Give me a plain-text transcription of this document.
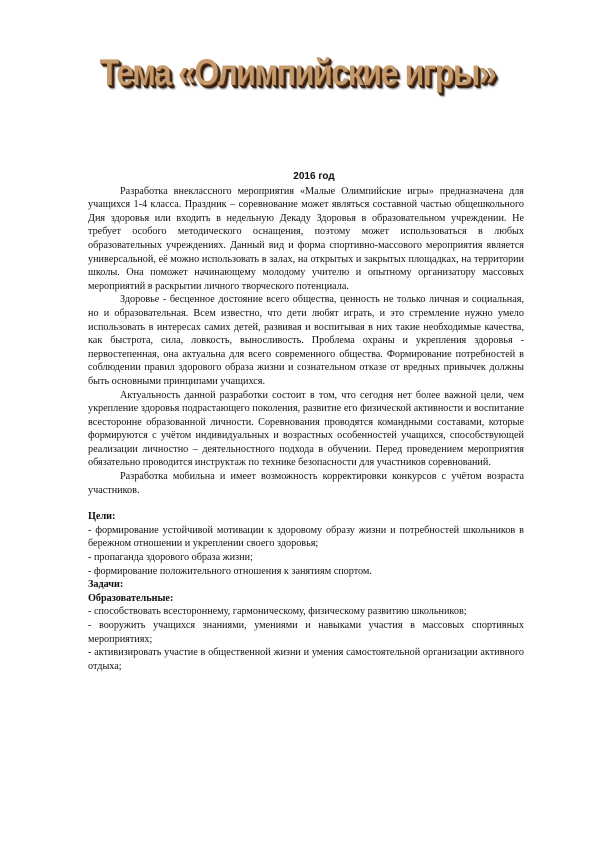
Тема «Олимпийские игры»
2016 год

Разработка внеклассного мероприятия «Малые Олимпийские игры» предназначена для учащихся 1-4 класса. Праздник – соревнование может являться составной частью общешкольного Дня здоровья или входить в недельную Декаду Здоровья в образовательном учреждении. Не требует особого методического оснащения, поэтому может использоваться в любых образовательных учреждениях. Данный вид и форма спортивно-массового мероприятия является универсальной, её можно использовать в залах, на открытых и закрытых площадках, на территории школы. Она поможет начинающему молодому учителю и опытному организатору массовых мероприятий в раскрытии личного творческого потенциала.

Здоровье - бесценное достояние всего общества, ценность не только личная и социальная, но и образовательная. Всем известно, что дети любят играть, и это стремление нужно умело использовать в интересах самих детей, развивая и воспитывая в них такие необходимые качества, как быстрота, сила, ловкость, выносливость. Проблема охраны и укрепления здоровья - первостепенная, она актуальна для всего современного общества. Формирование потребностей в соблюдении правил здорового образа жизни и сознательном отказе от вредных привычек должны быть основными принципами учащихся.

Актуальность данной разработки состоит в том, что сегодня нет более важной цели, чем укрепление здоровья подрастающего поколения, развитие его физической активности и воспитание всесторонне образованной личности. Соревнования проводятся командными составами, которые формируются с учётом индивидуальных и возрастных особенностей учащихся, способствующей реализации личностно – деятельностного подхода в обучении. Перед проведением мероприятия обязательно проводится инструктаж по технике безопасности для участников соревнований.

Разработка мобильна и имеет возможность корректировки конкурсов с учётом возраста участников.

Цели:

- формирование устойчивой мотивации к здоровому образу жизни и потребностей школьников в бережном отношении и укреплении своего здоровья;

- пропаганда здорового образа жизни;

- формирование положительного отношения к занятиям спортом.

Задачи:

Образовательные:

- способствовать всестороннему, гармоническому, физическому развитию школьников;

- вооружить учащихся знаниями, умениями и навыками участия в массовых спортивных мероприятиях;

- активизировать участие в общественной жизни и умения самостоятельной организации активного отдыха;
